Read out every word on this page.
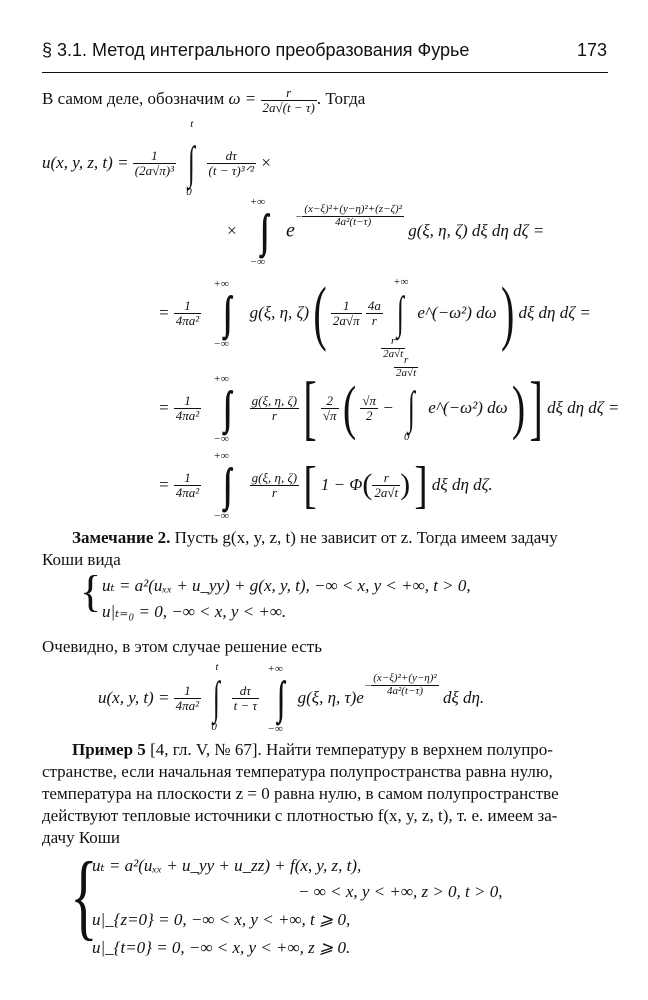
§ 3.1. Метод интегрального преобразования Фурье	173
В самом деле, обозначим $\omega = \frac{r}{2a√(t - \tau)}$ . Тогда
u(x, y, z, $t) = \frac{1}{\text{(2a√π)³}}$

t
∫
0

$\frac{d\tau}{\text{(t − τ)³ᐟ²}}$ ×
×
+∞
−∞
$e- \frac{\text{(x−ξ)²+(y−η)²+(z−ζ)²}}{\text{4a²(t−τ)}}$
g(ξ, η, ζ) dξ dη dζ =
= $\frac{1}{\text{4πa²}}$

+∞
−∞
g(ξ, η, ζ) ( $\frac{1}{2a√\pi}$
$\frac{4a}{r}$

+∞
∫
$\frac{r}{2a√t}$
e^(−ω²) dω ) dξ dη dζ =
= $\frac{1}{\text{4πa²}}$

+∞
−∞

$\frac{g(\xi, \eta, \zeta)}{r}$ [ $\frac{2}{√\pi}$ ( $\frac{√\pi}{2}$ −
$\frac{r}{2a√t}$
∫
0
e^(−ω²) dω ) ] dξ dη dζ =
= $\frac{1}{\text{4πa²}}$

+∞
−∞

$\frac{g(\xi, \eta, \zeta)}{r}$ [ $1 - \Phi( \frac{r}{2a√t}$ ) ] dξ dη dζ.
Замечание 2. Пусть g(x, y, z, t) не зависит от z. Тогда имеем задачу
Коши вида
{ uₜ = a²(uₓₓ + u_yy) + g(x, y, t), −∞ < x, y < +∞, t > 0,
u|ₜ₌₀ = 0, −∞ < x, y < +∞.
Очевидно, в этом случае решение есть
u(x, y, $t) = \frac{1}{\text{4πa²}}$

t
∫
0

$\frac{d\tau}{t - \tau}$

+∞
−∞
g(ξ, η, $\tau)e- \frac{\text{(x−ξ)²+(y−η)²}}{\text{4a²(t−τ)}}$
dξ dη.
Пример 5 [4, гл. V, № 67]. Найти температуру в верхнем полупро-
странстве, если начальная температура полупространства равна нулю,
температура на плоскости z = 0 равна нулю, в самом полупространстве
действуют тепловые источники с плотностью f(x, y, z, t), т. е. имеем за-
дачу Коши
{
uₜ = a²(uₓₓ + u_yy + u_zz) + f(x, y, z, t),
− ∞ < x, y < +∞, z > 0, t > 0,
u|_{z=0} = 0, −∞ < x, y < +∞, t ⩾ 0,
u|_{t=0} = 0, −∞ < x, y < +∞, z ⩾ 0.
